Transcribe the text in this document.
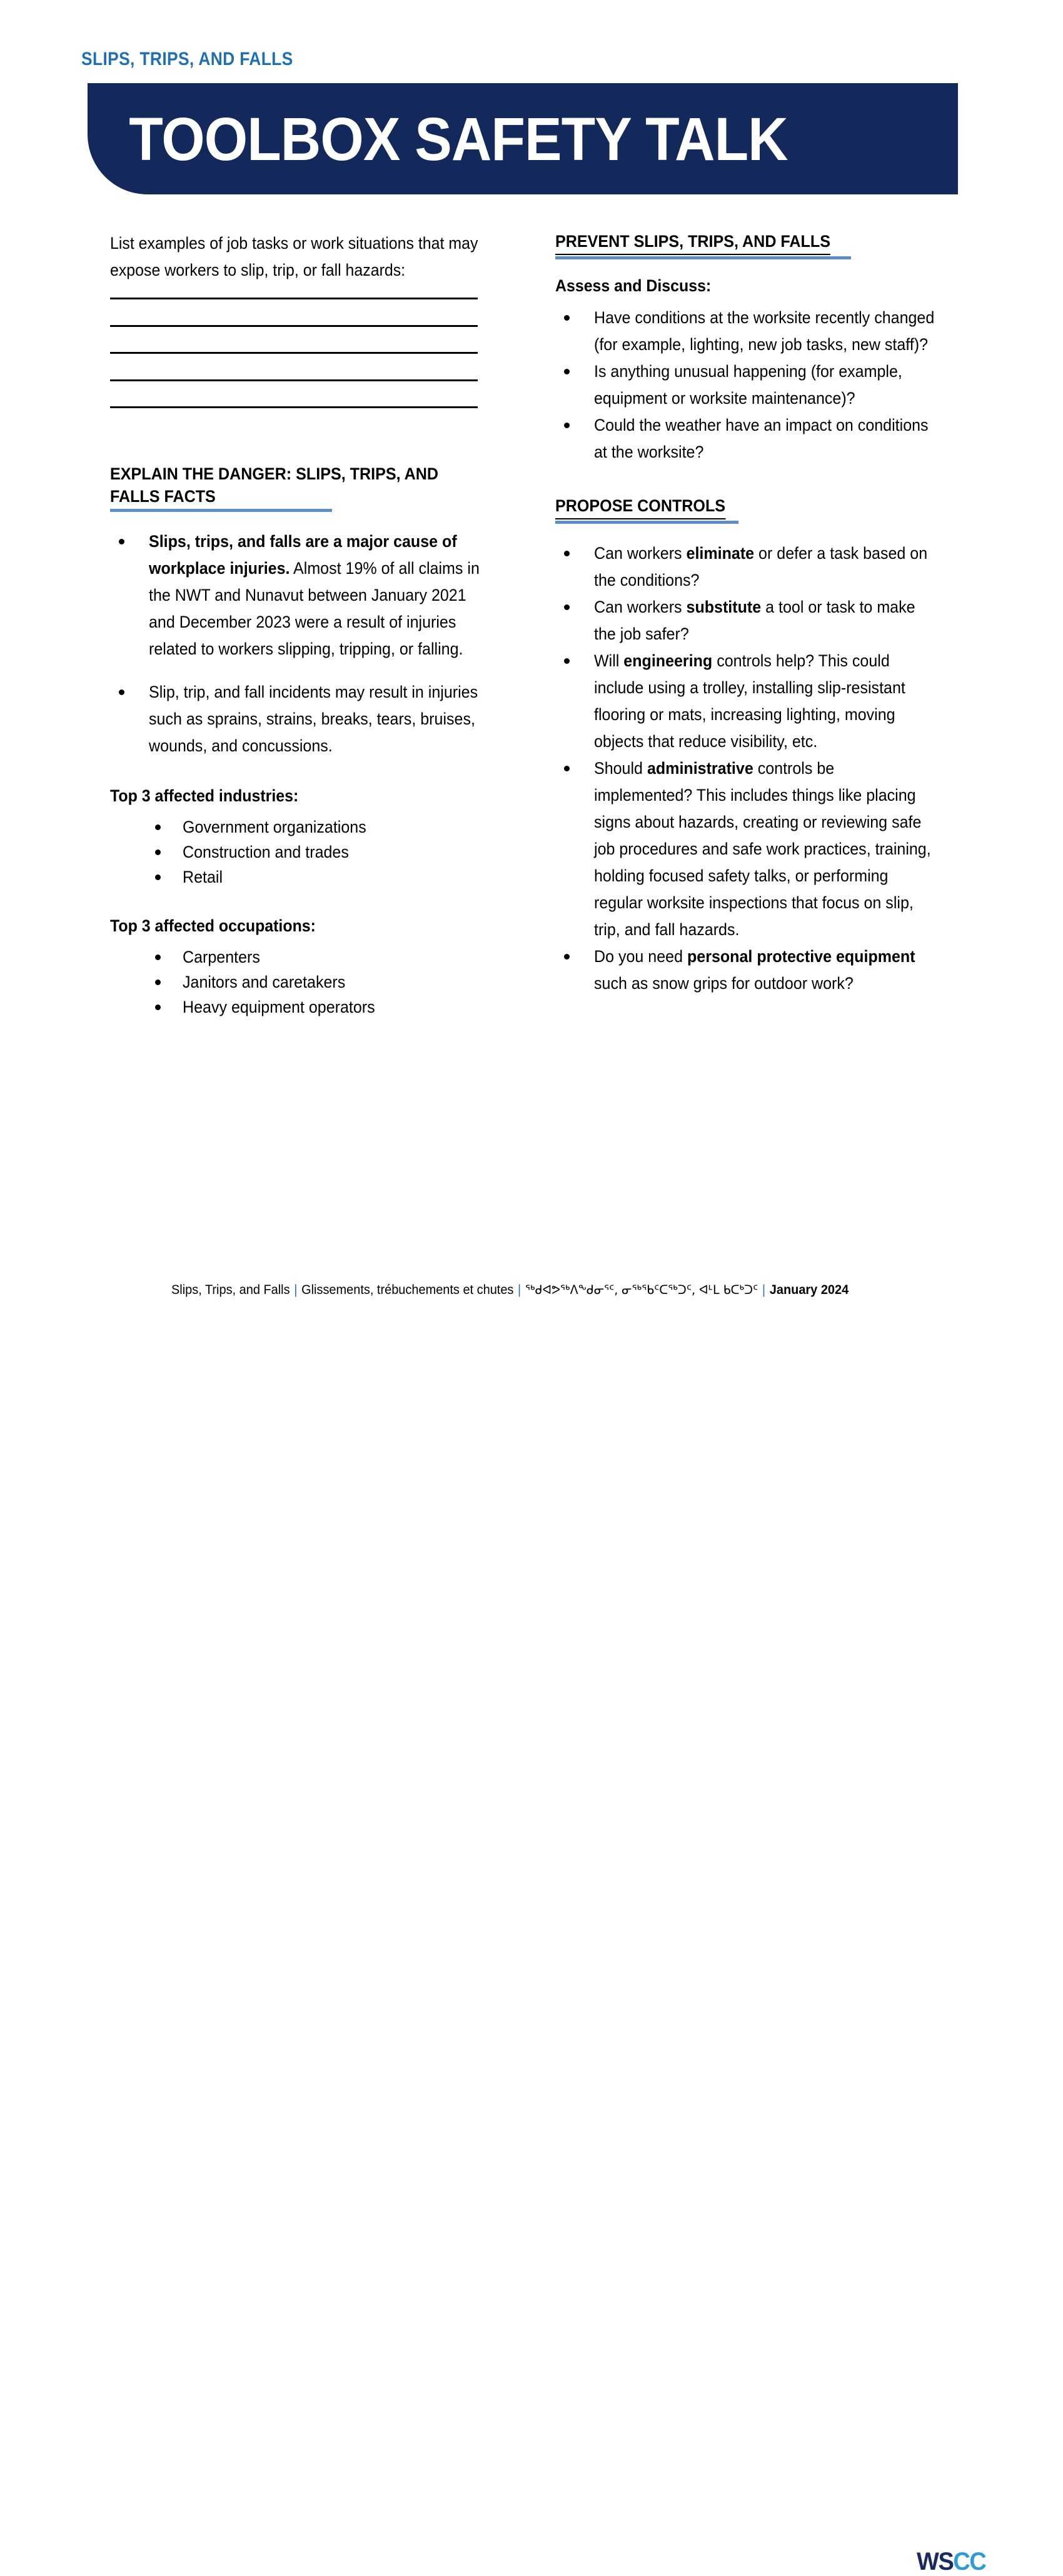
SLIPS, TRIPS, AND FALLS
TOOLBOX SAFETY TALK
List examples of job tasks or work situations that may expose workers to slip, trip, or fall hazards:
EXPLAIN THE DANGER: SLIPS, TRIPS, AND FALLS FACTS
Slips, trips, and falls are a major cause of workplace injuries. Almost 19% of all claims in the NWT and Nunavut between January 2021 and December 2023 were a result of injuries related to workers slipping, tripping, or falling.
Slip, trip, and fall incidents may result in injuries such as sprains, strains, breaks, tears, bruises, wounds, and concussions.
Top 3 affected industries:
Government organizations
Construction and trades
Retail
Top 3 affected occupations:
Carpenters
Janitors and caretakers
Heavy equipment operators
PREVENT SLIPS, TRIPS, AND FALLS
Assess and Discuss:
Have conditions at the worksite recently changed (for example, lighting, new job tasks, new staff)?
Is anything unusual happening (for example, equipment or worksite maintenance)?
Could the weather have an impact on conditions at the worksite?
PROPOSE CONTROLS
Can workers eliminate or defer a task based on the conditions?
Can workers substitute a tool or task to make the job safer?
Will engineering controls help? This could include using a trolley, installing slip-resistant flooring or mats, increasing lighting, moving objects that reduce visibility, etc.
Should administrative controls be implemented? This includes things like placing signs about hazards, creating or reviewing safe job procedures and safe work practices, training, holding focused safety talks, or performing regular worksite inspections that focus on slip, trip, and fall hazards.
Do you need personal protective equipment such as snow grips for outdoor work?
Slips, Trips, and Falls | Glissements, trébuchements et chutes | ᖅᑯᐊᕗᖅᐱᖕᑯᓂᕐᑦ, ᓂᖅᖃᑦᑕᖅᑐᑦ, ᐊᒻᒪ ᑲᑕᒃᑐᑦ | January 2024
WSCC
